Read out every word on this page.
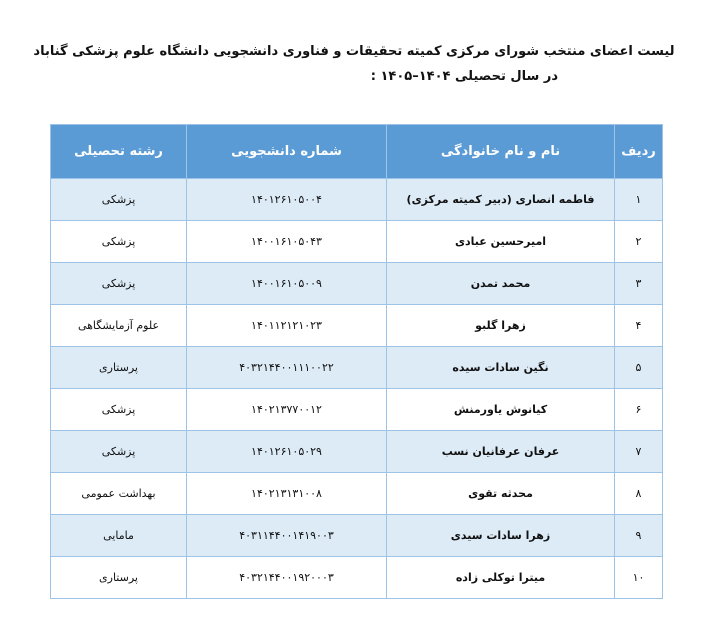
لیست اعضای منتخب شورای مرکزی کمیته تحقیقات و فناوری دانشجویی دانشگاه علوم پزشکی گناباد

در سال تحصیلی ۱۴۰۴–۱۴۰۵ :

ردیف	نام و نام خانوادگی	شماره دانشجویی	رشته تحصیلی
۱	فاطمه انصاری (دبیر کمیته مرکزی)	۱۴۰۱۲۶۱۰۵۰۰۴	پزشکی
۲	امیرحسین عبادی	۱۴۰۰۱۶۱۰۵۰۴۳	پزشکی
۳	محمد تمدن	۱۴۰۰۱۶۱۰۵۰۰۹	پزشکی
۴	زهرا گلبو	۱۴۰۱۱۲۱۲۱۰۲۳	علوم آزمایشگاهی
۵	نگین سادات سیده	۴۰۳۲۱۴۴۰۰۱۱۱۰۰۲۲	پرستاری
۶	کیانوش یاورمنش	۱۴۰۲۱۳۷۷۰۰۱۲	پزشکی
۷	عرفان عرفانیان نسب	۱۴۰۱۲۶۱۰۵۰۲۹	پزشکی
۸	محدثه تقوی	۱۴۰۲۱۳۱۳۱۰۰۸	بهداشت عمومی
۹	زهرا سادات سیدی	۴۰۳۱۱۴۴۰۰۱۴۱۹۰۰۳	مامایی
۱۰	میترا توکلی زاده	۴۰۳۲۱۴۴۰۰۱۹۲۰۰۰۳	پرستاری
